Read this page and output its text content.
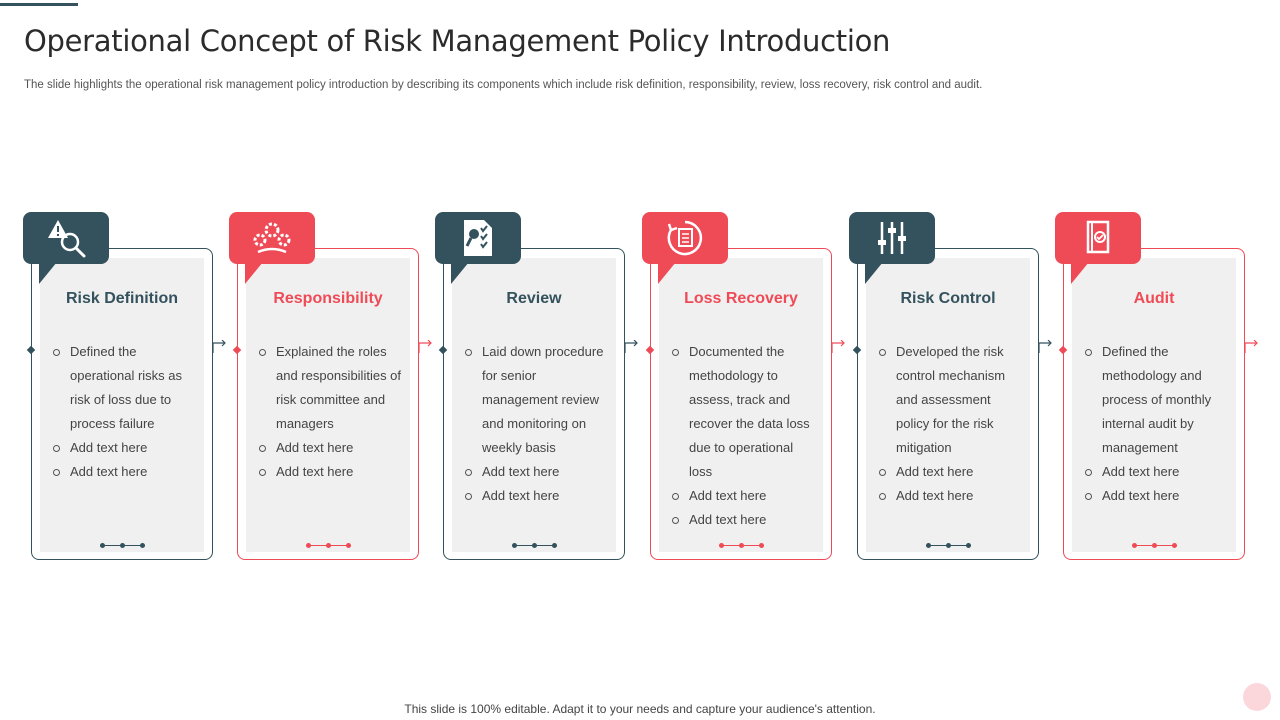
Operational Concept of Risk Management Policy Introduction
The slide highlights the operational risk management policy introduction by describing its components which include risk definition, responsibility, review, loss recovery, risk control and audit.
Risk Definition
Defined the operational risks as risk of loss due to process failure
Add text here
Add text here
Responsibility
Explained the roles and responsibilities of risk committee and managers
Add text here
Add text here
Review
Laid down procedure for senior management review and monitoring on weekly basis
Add text here
Add text here
Loss Recovery
Documented the methodology to assess, track and recover the data loss due to operational loss
Add text here
Add text here
Risk Control
Developed the risk control mechanism and assessment policy for the risk mitigation
Add text here
Add text here
Audit
Defined the methodology and process of monthly internal audit by management
Add text here
Add text here
This slide is 100% editable. Adapt it to your needs and capture your audience's attention.
